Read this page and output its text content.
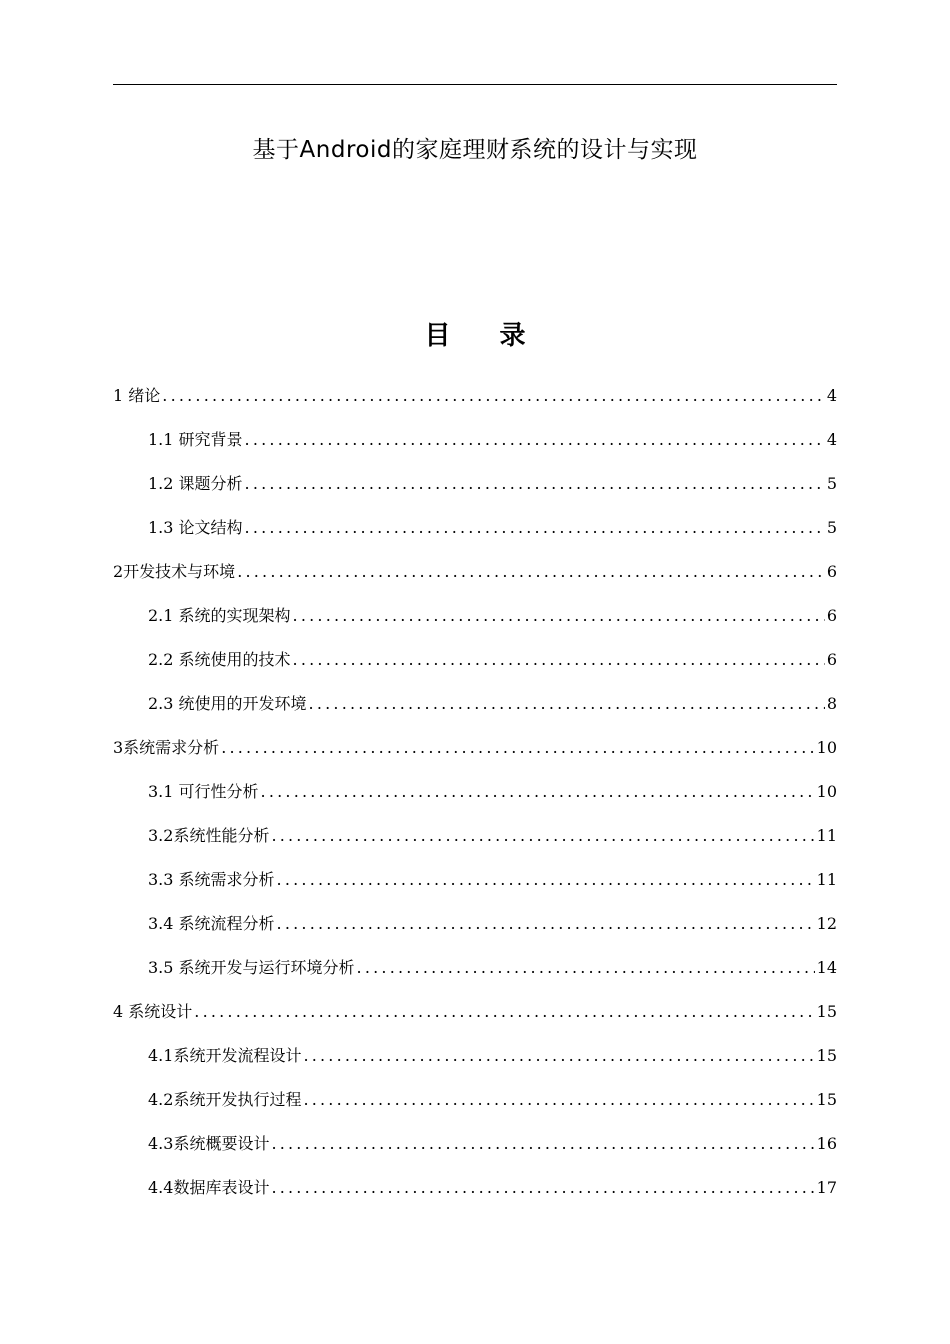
基于Android的家庭理财系统的设计与实现
目 录
1 绪论 .....	4
1.1 研究背景 .....	4
1.2 课题分析 .....	5
1.3 论文结构 .....	5
2开发技术与环境 .....	6
2.1 系统的实现架构 .....	6
2.2 系统使用的技术 .....	6
2.3 统使用的开发环境 .....	8
3系统需求分析 .....	10
3.1 可行性分析 .....	10
3.2系统性能分析 .....	11
3.3 系统需求分析 .....	11
3.4 系统流程分析 .....	12
3.5 系统开发与运行环境分析 .....	14
4 系统设计 .....	15
4.1系统开发流程设计 .....	15
4.2系统开发执行过程 .....	15
4.3系统概要设计 .....	16
4.4数据库表设计 .....	17
